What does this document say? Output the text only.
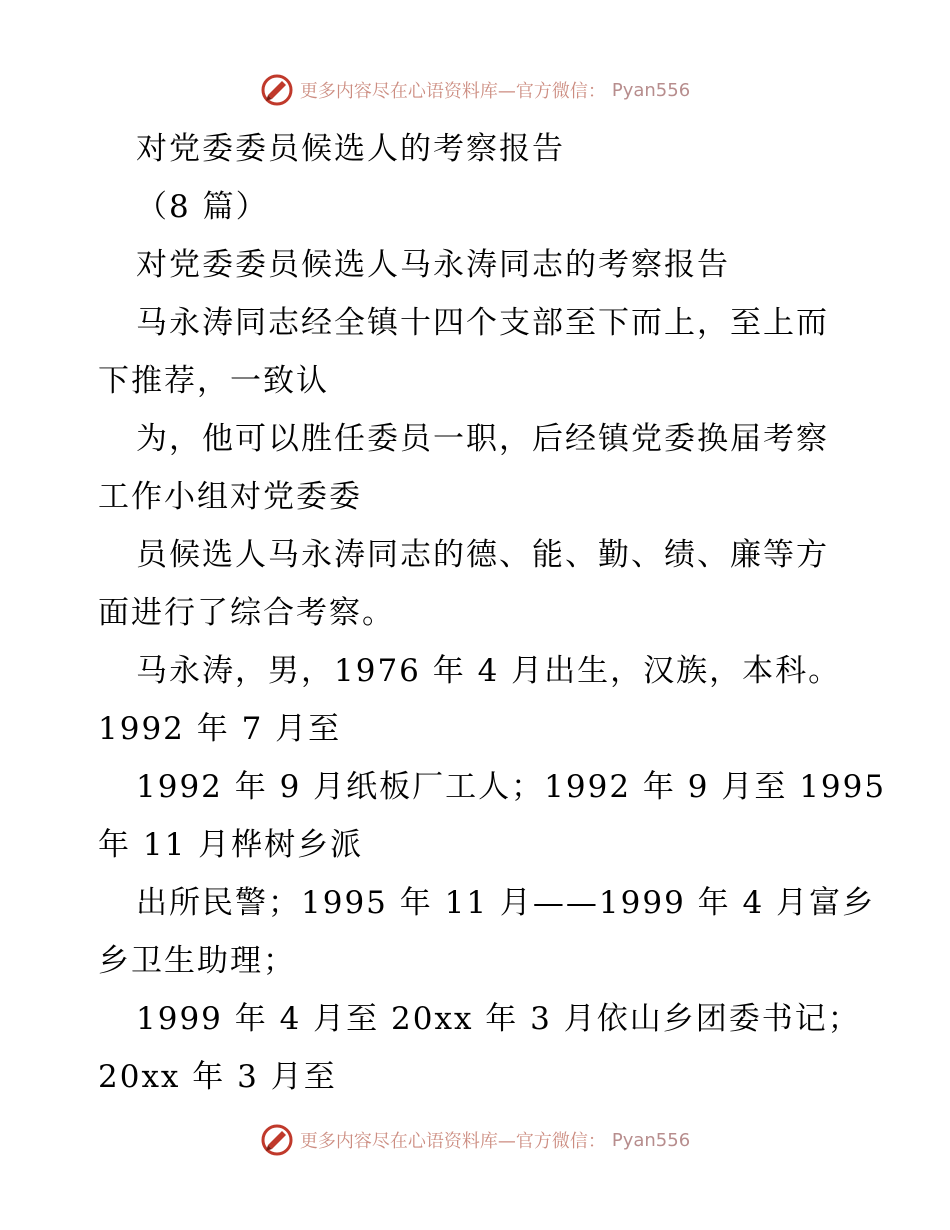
更多内容尽在心语资料库—官方微信： Pyan556
对党委委员候选人的考察报告
（8 篇）
对党委委员候选人马永涛同志的考察报告
马永涛同志经全镇十四个支部至下而上，至上而
下推荐，一致认
为，他可以胜任委员一职，后经镇党委换届考察
工作小组对党委委
员候选人马永涛同志的德、能、勤、绩、廉等方
面进行了综合考察。
马永涛，男，1976 年 4 月出生，汉族，本科。
1992 年 7 月至
1992 年 9 月纸板厂工人；1992 年 9 月至 1995
年 11 月桦树乡派
出所民警；1995 年 11 月——1999 年 4 月富乡
乡卫生助理；
1999 年 4 月至 20xx 年 3 月依山乡团委书记；
20xx 年 3 月至
更多内容尽在心语资料库—官方微信： Pyan556
